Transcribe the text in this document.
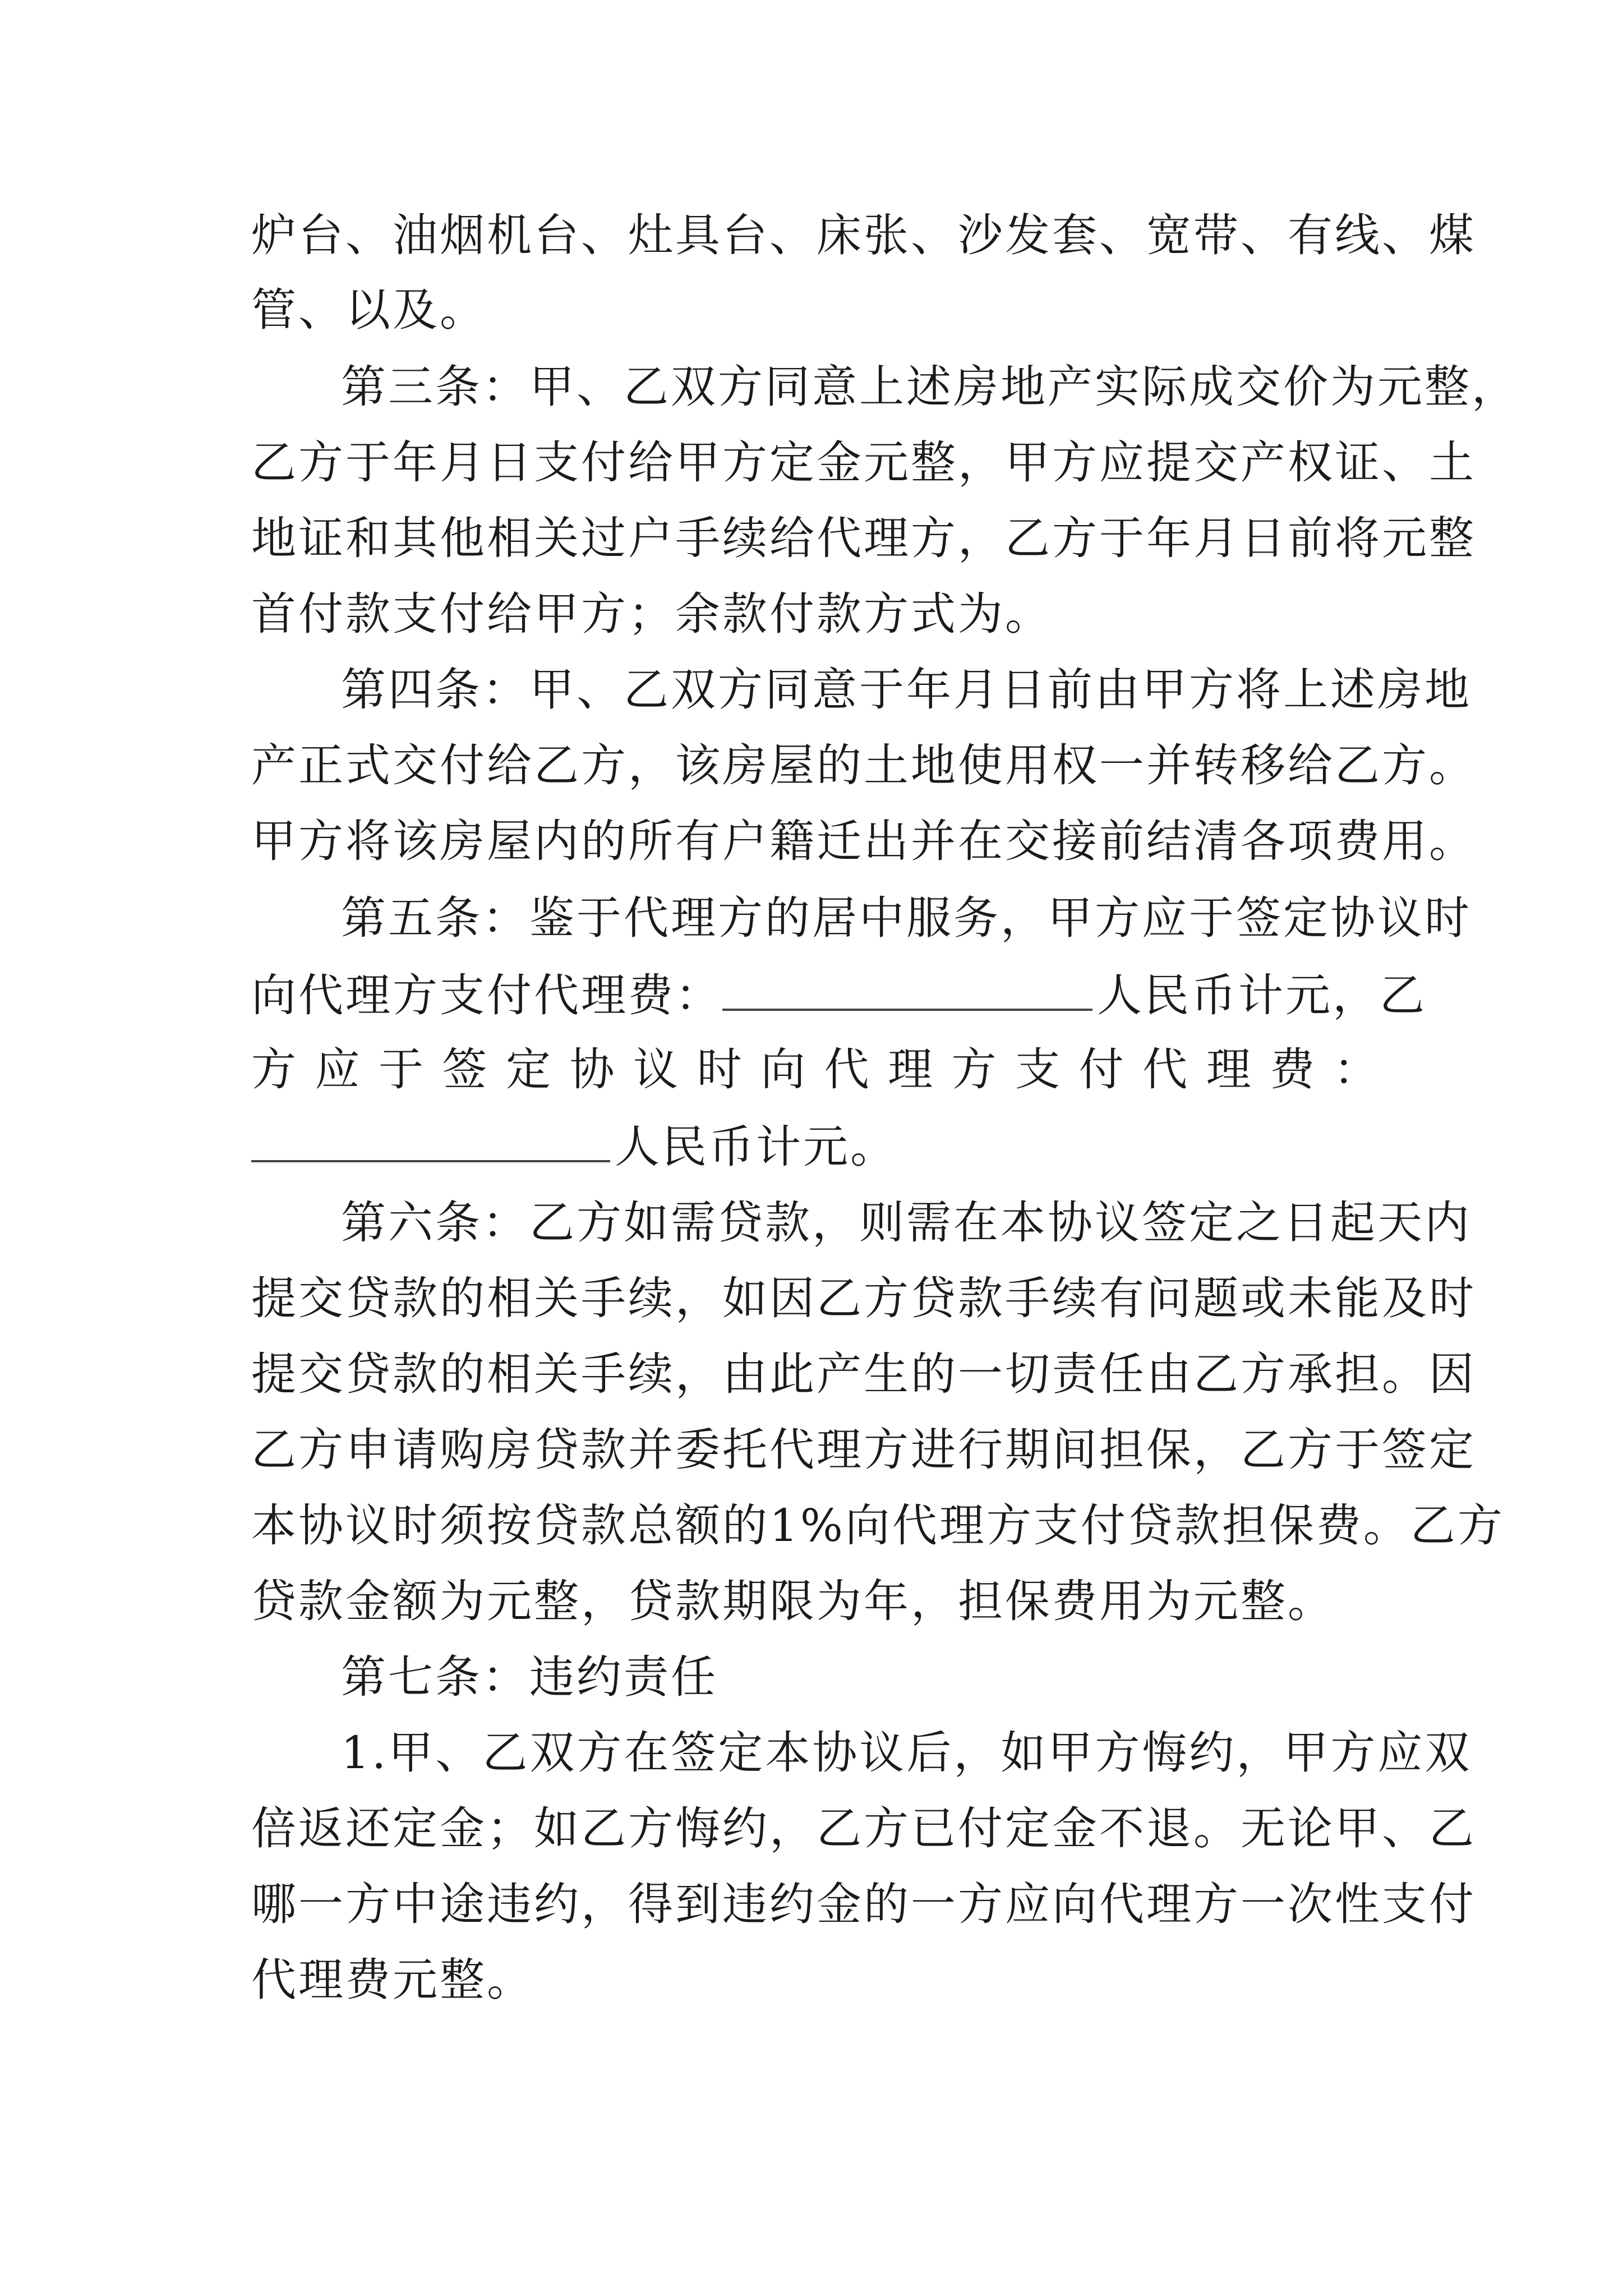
炉台、油烟机台、灶具台、床张、沙发套、宽带、有线、煤
管、以及。
第三条：甲、乙双方同意上述房地产实际成交价为元整，
乙方于年月日支付给甲方定金元整，甲方应提交产权证、土
地证和其他相关过户手续给代理方，乙方于年月日前将元整
首付款支付给甲方；余款付款方式为。
第四条：甲、乙双方同意于年月日前由甲方将上述房地
产正式交付给乙方，该房屋的土地使用权一并转移给乙方。
甲方将该房屋内的所有户籍迁出并在交接前结清各项费用。
第五条：鉴于代理方的居中服务，甲方应于签定协议时
向代理方支付代理费：	人民币计元，乙
方 应 于 签 定 协 议 时 向 代 理 方 支 付 代 理 费 ：
人民币计元。
第六条：乙方如需贷款，则需在本协议签定之日起天内
提交贷款的相关手续，如因乙方贷款手续有问题或未能及时
提交贷款的相关手续，由此产生的一切责任由乙方承担。因
乙方申请购房贷款并委托代理方进行期间担保，乙方于签定
本协议时须按贷款总额的1%向代理方支付贷款担保费。乙方
贷款金额为元整，贷款期限为年，担保费用为元整。
第七条：违约责任
1.甲、乙双方在签定本协议后，如甲方悔约，甲方应双
倍返还定金；如乙方悔约，乙方已付定金不退。无论甲、乙
哪一方中途违约，得到违约金的一方应向代理方一次性支付
代理费元整。
